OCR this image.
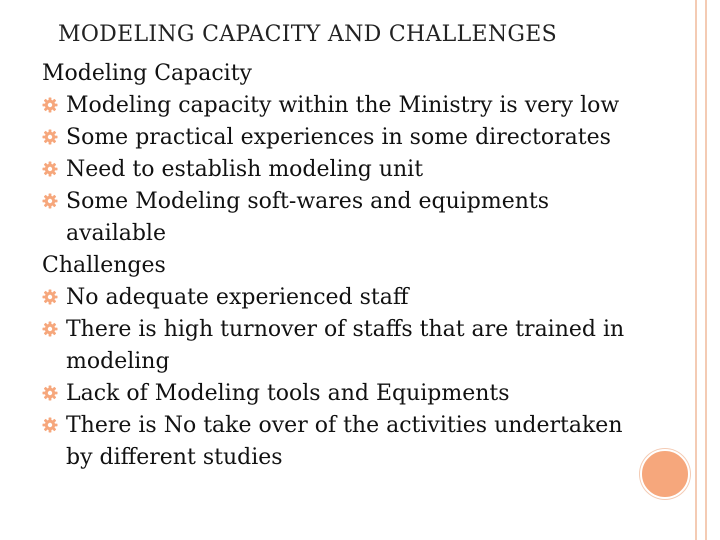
MODELING CAPACITY AND CHALLENGES
Modeling Capacity
Modeling capacity within the Ministry is very low
Some practical experiences in some directorates
Need to establish modeling unit
Some Modeling soft-wares and equipments available
Challenges
No adequate experienced staff
There is high turnover of staffs that are trained in modeling
Lack of Modeling tools and Equipments
There is No take over of the activities undertaken by different studies
